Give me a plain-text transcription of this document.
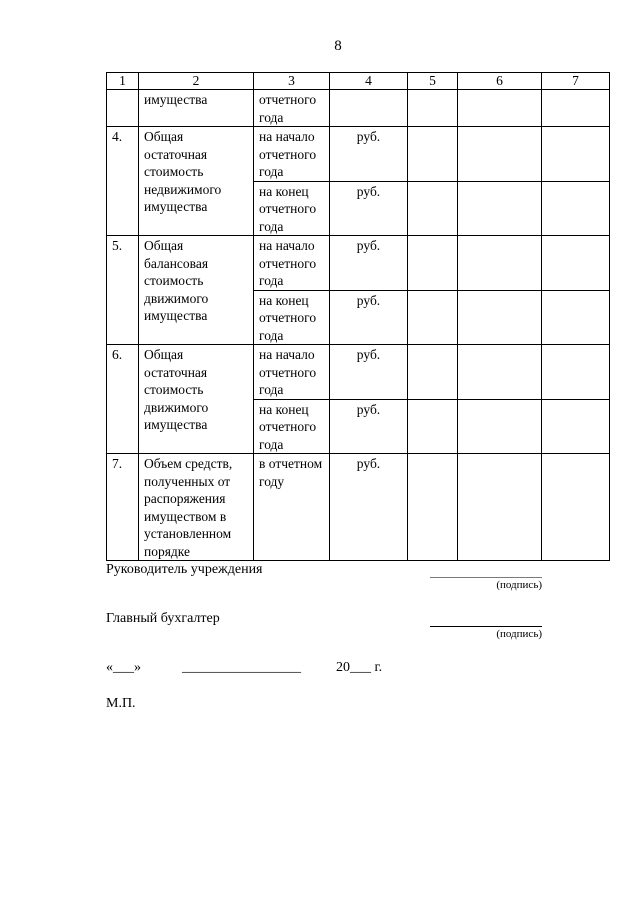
8
1	2	3	4	5	6	7
	имущества	отчетного года				
4.	Общая остаточная стоимость недвижимого имущества	на начало отчетного года	руб.			
		на конец отчетного года	руб.			
5.	Общая балансовая стоимость движимого имущества	на начало отчетного года	руб.			
		на конец отчетного года	руб.			
6.	Общая остаточная стоимость движимого имущества	на начало отчетного года	руб.			
		на конец отчетного года	руб.			
7.	Объем средств, полученных от распоряжения имуществом в установленном порядке	в отчетном году	руб.			
Руководитель учреждения
(подпись)
Главный бухгалтер
(подпись)
«___»	_________________	20___ г.
М.П.
